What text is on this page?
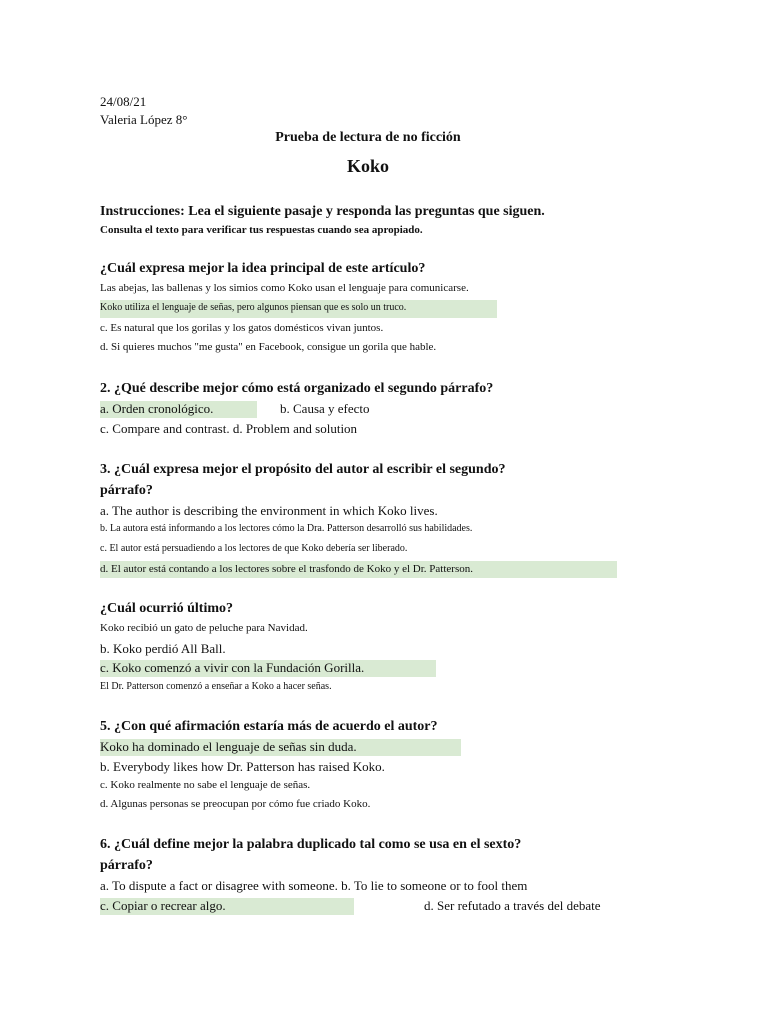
24/08/21
Valeria López 8°
Prueba de lectura de no ficción
Koko
Instrucciones: Lea el siguiente pasaje y responda las preguntas que siguen.
Consulta el texto para verificar tus respuestas cuando sea apropiado.
¿Cuál expresa mejor la idea principal de este artículo?
Las abejas, las ballenas y los simios como Koko usan el lenguaje para comunicarse.
Koko utiliza el lenguaje de señas, pero algunos piensan que es solo un truco.
c. Es natural que los gorilas y los gatos domésticos vivan juntos.
d. Si quieres muchos "me gusta" en Facebook, consigue un gorila que hable.
2. ¿Qué describe mejor cómo está organizado el segundo párrafo?
a. Orden cronológico.	b. Causa y efecto
c. Compare and contrast. d. Problem and solution
3. ¿Cuál expresa mejor el propósito del autor al escribir el segundo?
párrafo?
a. The author is describing the environment in which Koko lives.
b. La autora está informando a los lectores cómo la Dra. Patterson desarrolló sus habilidades.
c. El autor está persuadiendo a los lectores de que Koko debería ser liberado.
d. El autor está contando a los lectores sobre el trasfondo de Koko y el Dr. Patterson.
¿Cuál ocurrió último?
Koko recibió un gato de peluche para Navidad.
b. Koko perdió All Ball.
c. Koko comenzó a vivir con la Fundación Gorilla.
El Dr. Patterson comenzó a enseñar a Koko a hacer señas.
5. ¿Con qué afirmación estaría más de acuerdo el autor?
Koko ha dominado el lenguaje de señas sin duda.
b. Everybody likes how Dr. Patterson has raised Koko.
c. Koko realmente no sabe el lenguaje de señas.
d. Algunas personas se preocupan por cómo fue criado Koko.
6. ¿Cuál define mejor la palabra duplicado tal como se usa en el sexto?
párrafo?
a. To dispute a fact or disagree with someone. b. To lie to someone or to fool them
c. Copiar o recrear algo.	d. Ser refutado a través del debate
